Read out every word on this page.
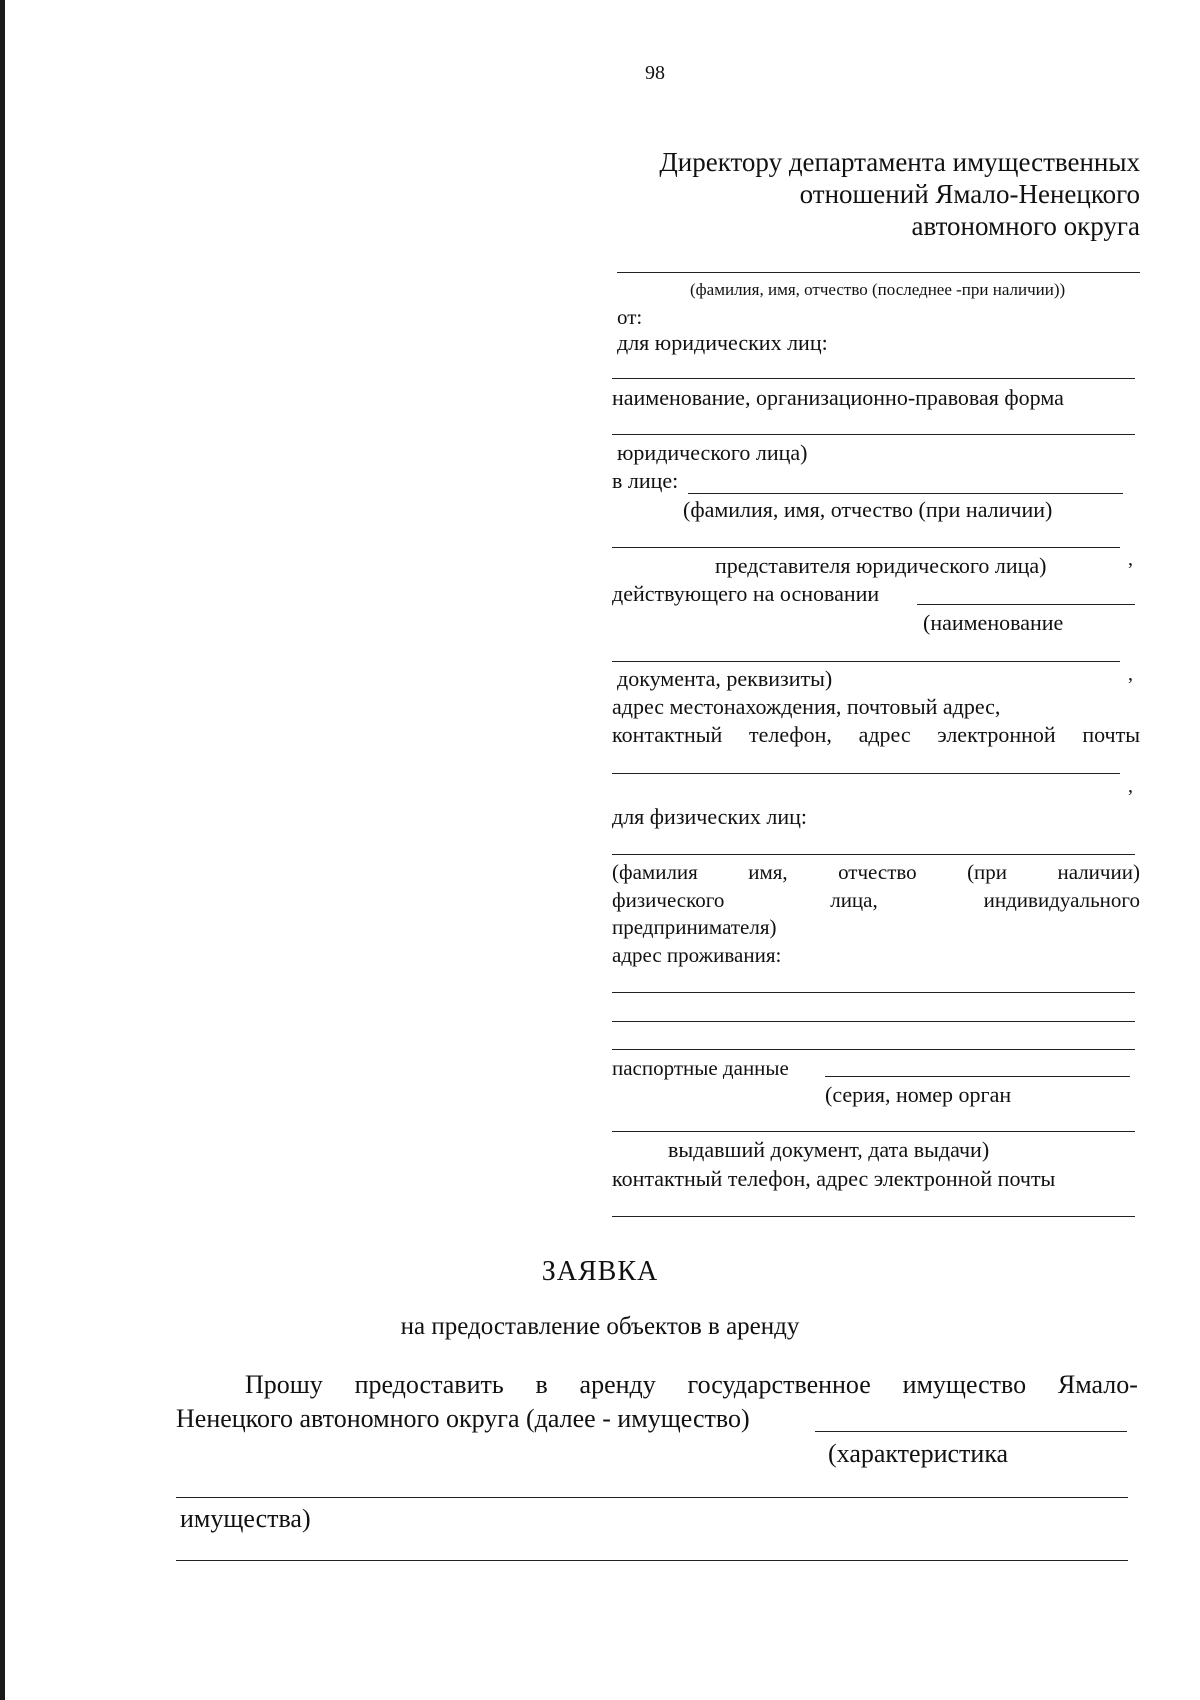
98

Директору департамента имущественных
отношений Ямало-Ненецкого
автономного округа

(фамилия, имя, отчество (последнее -при наличии))

от:

для юридических лиц:

наименование, организационно-правовая форма

юридического лица)

в лице:

(фамилия, имя, отчество (при наличии)

,

представителя юридического лица)

действующего на основании

(наименование

,

документа, реквизиты)

адрес местонахождения, почтовый адрес,

контактный телефон, адрес электронной почты

,

для физических лиц:

(фамилия имя, отчество (при наличии)
физического	лица,	индивидуального

предпринимателя)

адрес проживания:

паспортные данные

(серия, номер орган

выдавший документ, дата выдачи)

контактный телефон, адрес электронной почты

ЗАЯВКА

на предоставление объектов в аренду

Прошу предоставить в аренду государственное имущество Ямало-

Ненецкого автономного округа (далее - имущество)

(характеристика

имущества)
